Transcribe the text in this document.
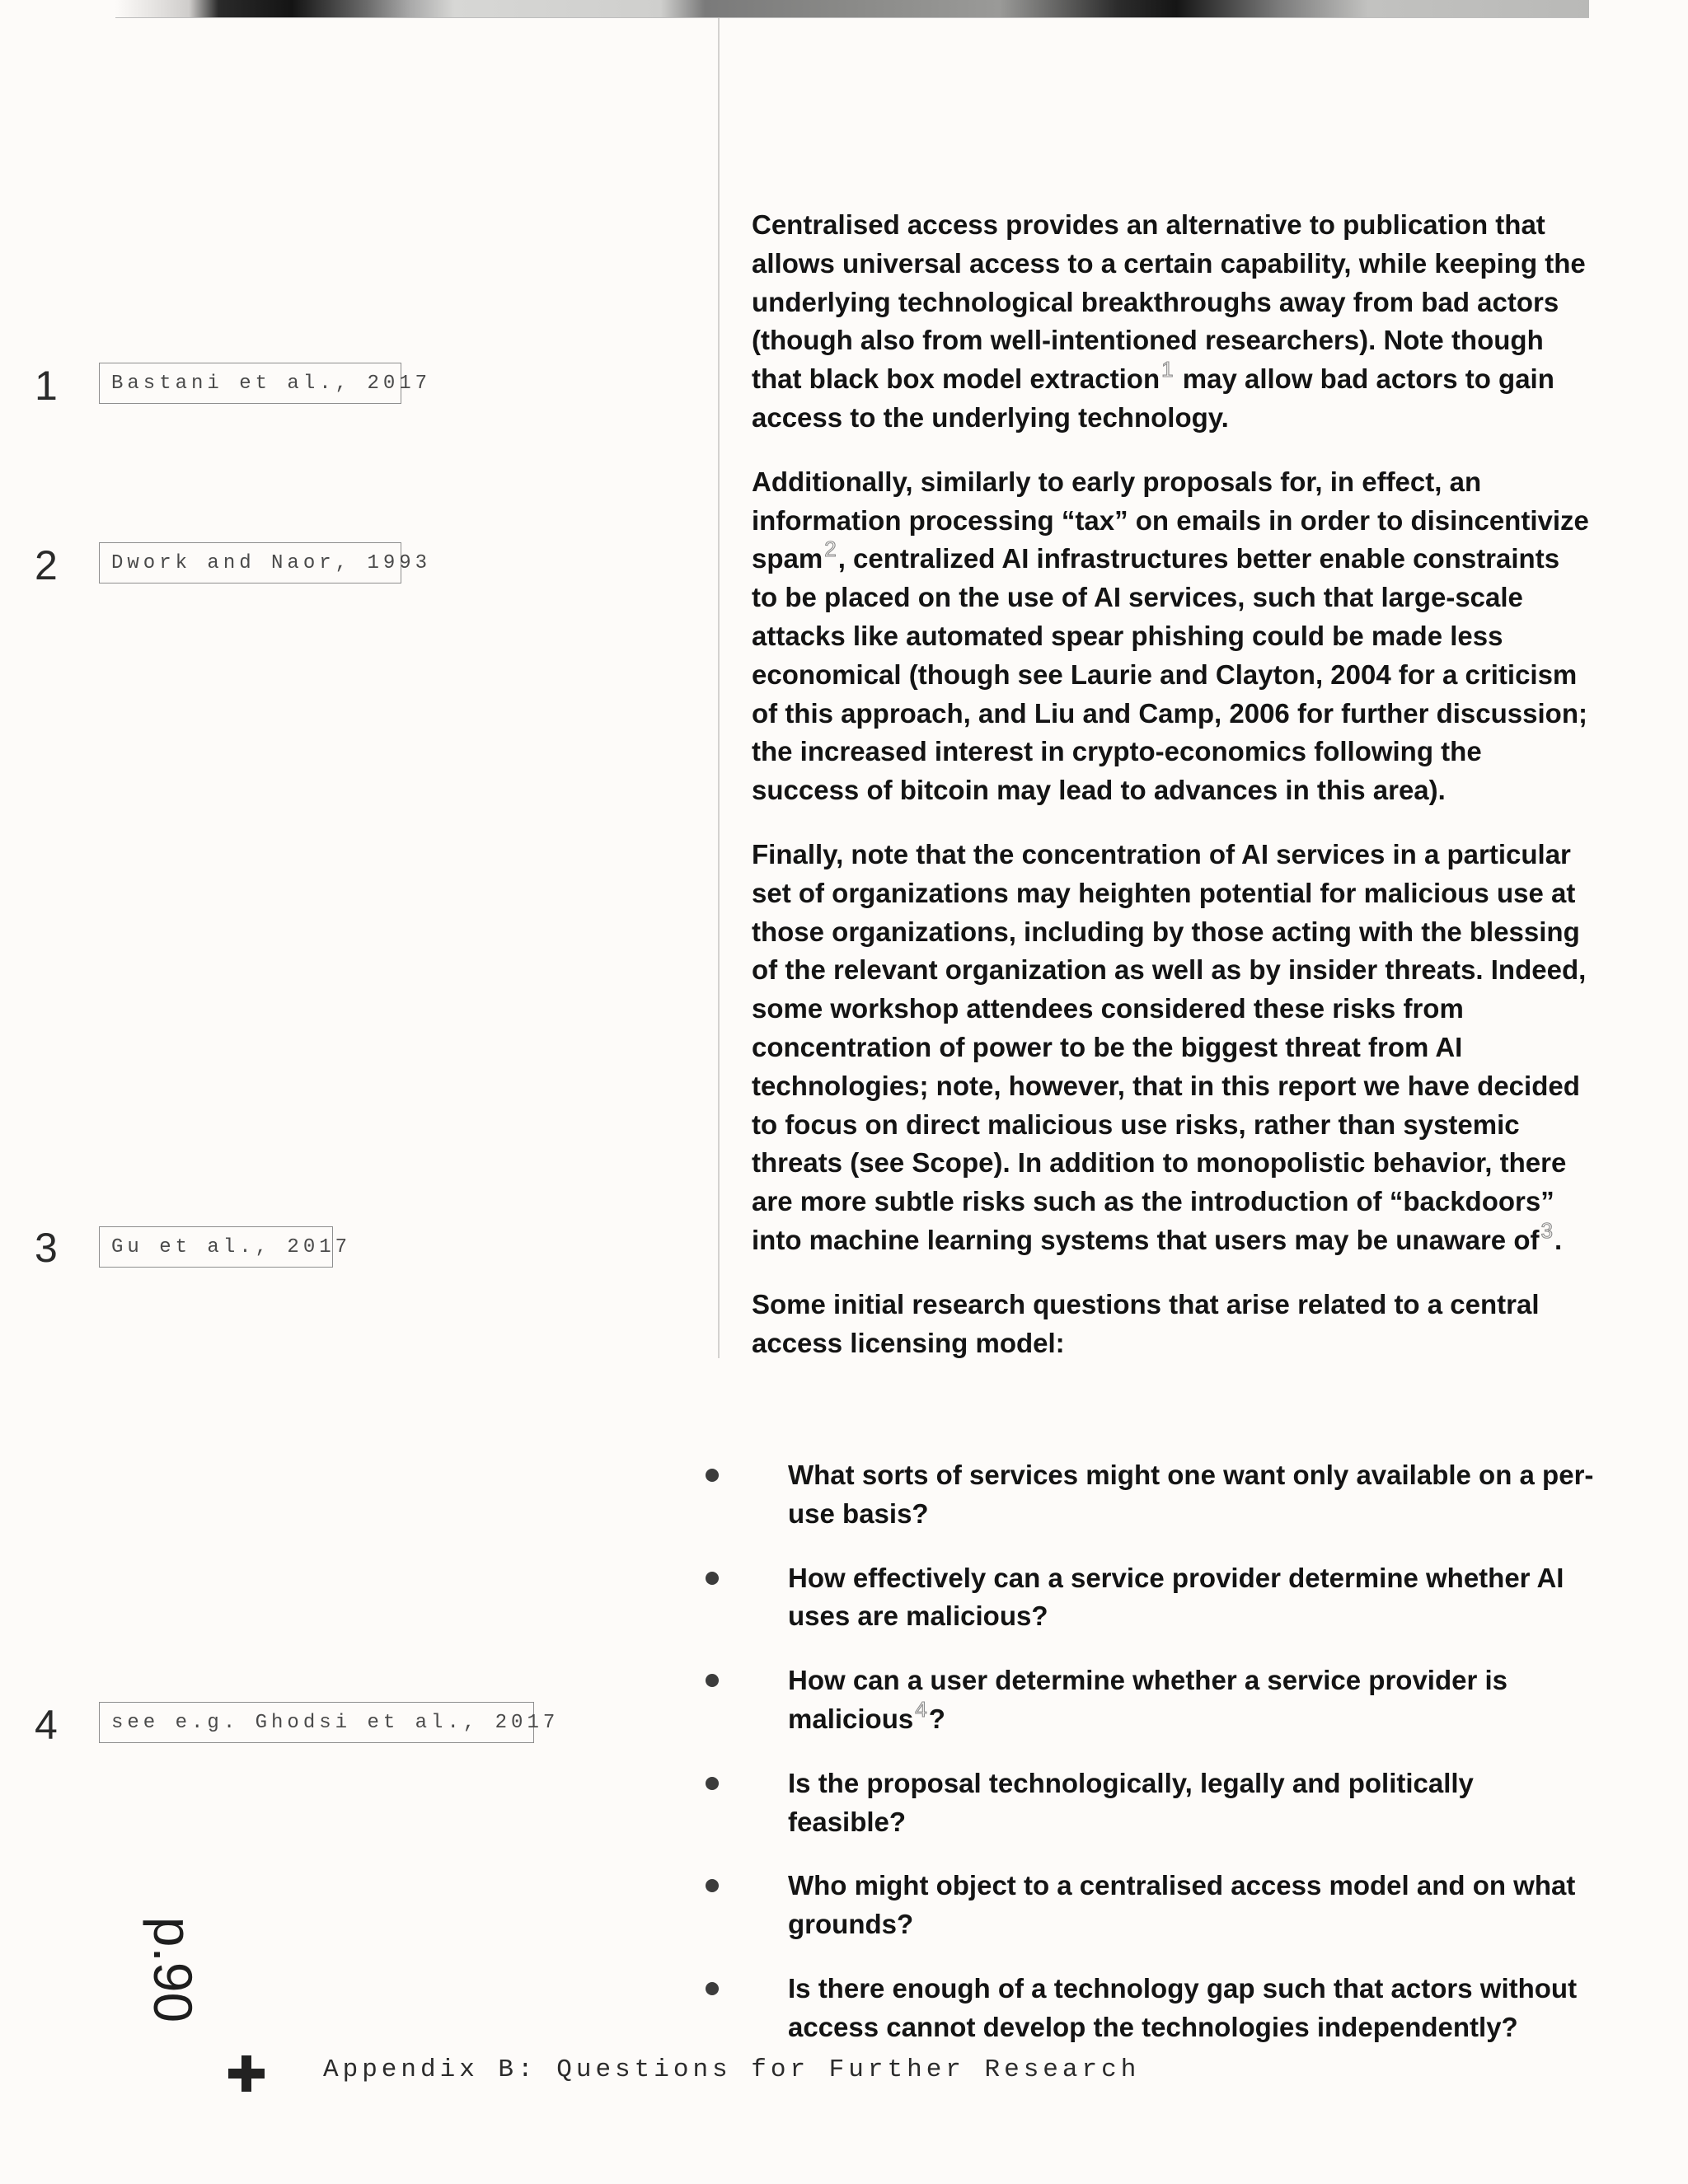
1	Bastani et al., 2017
2	Dwork and Naor, 1993
3	Gu et al., 2017
4	see e.g. Ghodsi et al., 2017

Centralised access provides an alternative to publication that allows universal access to a certain capability, while keeping the underlying technological breakthroughs away from bad actors (though also from well-intentioned researchers). Note though that black box model extraction$^1$ may allow bad actors to gain access to the underlying technology.

Additionally, similarly to early proposals for, in effect, an information processing “tax” on emails in order to disincentivize spam$^2$, centralized AI infrastructures better enable constraints to be placed on the use of AI services, such that large-scale attacks like automated spear phishing could be made less economical (though see Laurie and Clayton, 2004 for a criticism of this approach, and Liu and Camp, 2006 for further discussion; the increased interest in crypto-economics following the success of bitcoin may lead to advances in this area).

Finally, note that the concentration of AI services in a particular set of organizations may heighten potential for malicious use at those organizations, including by those acting with the blessing of the relevant organization as well as by insider threats. Indeed, some workshop attendees considered these risks from concentration of power to be the biggest threat from AI technologies; note, however, that in this report we have decided to focus on direct malicious use risks, rather than systemic threats (see Scope). In addition to monopolistic behavior, there are more subtle risks such as the introduction of “backdoors” into machine learning systems that users may be unaware of$^3$.

Some initial research questions that arise related to a central access licensing model:

What sorts of services might one want only available on a per-use basis?
How effectively can a service provider determine whether AI uses are malicious?
How can a user determine whether a service provider is malicious$^4$?
Is the proposal technologically, legally and politically feasible?
Who might object to a centralised access model and on what grounds?
Is there enough of a technology gap such that actors without access cannot develop the technologies independently?
p.90
Appendix B: Questions for Further Research
